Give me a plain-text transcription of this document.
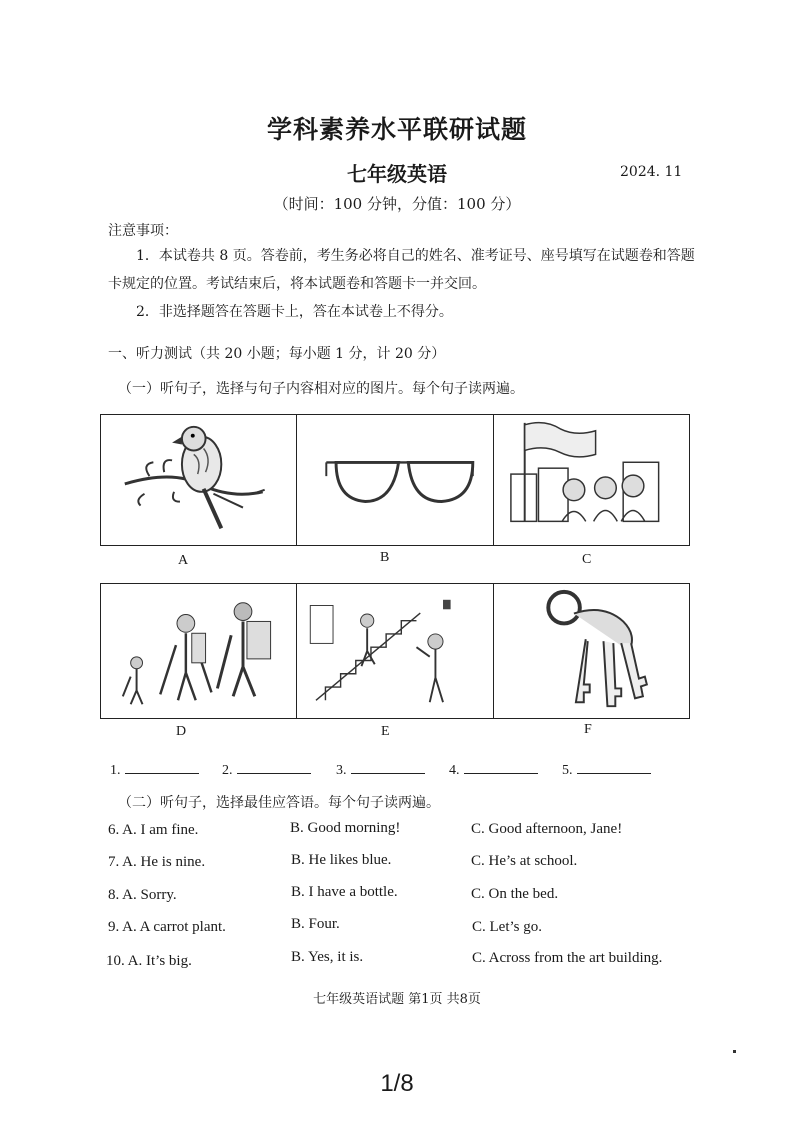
学科素养水平联研试题
七年级英语	2024. 11
（时间：100 分钟，分值：100 分）
注意事项：
1．本试卷共 8 页。答卷前，考生务必将自己的姓名、准考证号、座号填写在试题卷和答题卡规定的位置。考试结束后，将本试题卷和答题卡一并交回。
2．非选择题答在答题卡上，答在本试卷上不得分。
一、听力测试（共 20 小题；每小题 1 分，计 20 分）
（一）听句子，选择与句子内容相对应的图片。每个句子读两遍。
A	B	C
D	E	F
1.	2.	3.	4.	5.
（二）听句子，选择最佳应答语。每个句子读两遍。
6. A. I am fine.	B. Good morning!	C. Good afternoon, Jane!
7. A. He is nine.	B. He likes blue.	C. He’s at school.
8. A. Sorry.	B. I have a bottle.	C. On the bed.
9. A. A carrot plant.	B. Four.	C. Let’s go.
10. A. It’s big.	B. Yes, it is.	C. Across from the art building.
七年级英语试题 第1页 共8页
1/8
